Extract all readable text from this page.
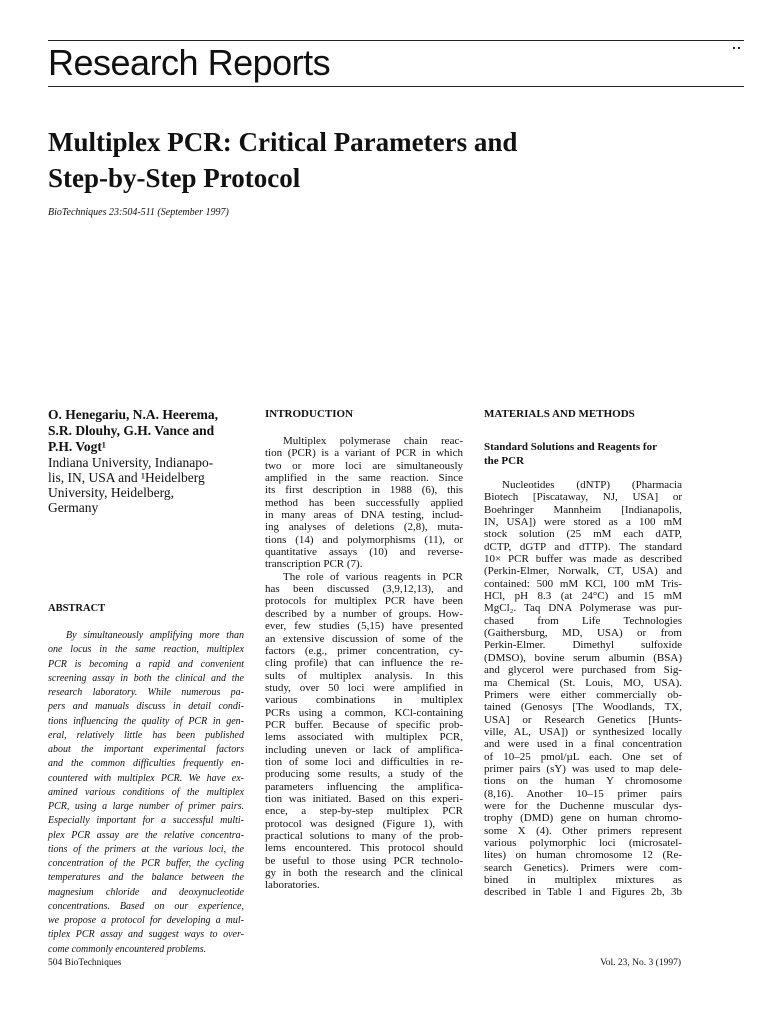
Research Reports
Multiplex PCR: Critical Parameters and
Step-by-Step Protocol
BioTechniques 23:504-511 (September 1997)

O. Henegariu, N.A. Heerema,
S.R. Dlouhy, G.H. Vance and
P.H. Vogt¹

Indiana University, Indianapo-
lis, IN, USA and ¹Heidelberg
University, Heidelberg,
Germany

ABSTRACT

By simultaneously amplifying more than
one locus in the same reaction, multiplex
PCR is becoming a rapid and convenient
screening assay in both the clinical and the
research laboratory. While numerous pa-
pers and manuals discuss in detail condi-
tions influencing the quality of PCR in gen-
eral, relatively little has been published
about the important experimental factors
and the common difficulties frequently en-
countered with multiplex PCR. We have ex-
amined various conditions of the multiplex
PCR, using a large number of primer pairs.
Especially important for a successful multi-
plex PCR assay are the relative concentra-
tions of the primers at the various loci, the
concentration of the PCR buffer, the cycling
temperatures and the balance between the
magnesium chloride and deoxynucleotide
concentrations. Based on our experience,
we propose a protocol for developing a mul-
tiplex PCR assay and suggest ways to over-
come commonly encountered problems.

INTRODUCTION

Multiplex polymerase chain reac-
tion (PCR) is a variant of PCR in which
two or more loci are simultaneously
amplified in the same reaction. Since
its first description in 1988 (6), this
method has been successfully applied
in many areas of DNA testing, includ-
ing analyses of deletions (2,8), muta-
tions (14) and polymorphisms (11), or
quantitative assays (10) and reverse-
transcription PCR (7).
The role of various reagents in PCR
has been discussed (3,9,12,13), and
protocols for multiplex PCR have been
described by a number of groups. How-
ever, few studies (5,15) have presented
an extensive discussion of some of the
factors (e.g., primer concentration, cy-
cling profile) that can influence the re-
sults of multiplex analysis. In this
study, over 50 loci were amplified in
various combinations in multiplex
PCRs using a common, KCl-containing
PCR buffer. Because of specific prob-
lems associated with multiplex PCR,
including uneven or lack of amplifica-
tion of some loci and difficulties in re-
producing some results, a study of the
parameters influencing the amplifica-
tion was initiated. Based on this experi-
ence, a step-by-step multiplex PCR
protocol was designed (Figure 1), with
practical solutions to many of the prob-
lems encountered. This protocol should
be useful to those using PCR technolo-
gy in both the research and the clinical
laboratories.

MATERIALS AND METHODS
Standard Solutions and Reagents for
the PCR

Nucleotides (dNTP) (Pharmacia
Biotech [Piscataway, NJ, USA] or
Boehringer Mannheim [Indianapolis,
IN, USA]) were stored as a 100 mM
stock solution (25 mM each dATP,
dCTP, dGTP and dTTP). The standard
10× PCR buffer was made as described
(Perkin-Elmer, Norwalk, CT, USA) and
contained: 500 mM KCl, 100 mM Tris-
HCl, pH 8.3 (at 24°C) and 15 mM
MgCl₂. Taq DNA Polymerase was pur-
chased from Life Technologies
(Gaithersburg, MD, USA) or from
Perkin-Elmer. Dimethyl sulfoxide
(DMSO), bovine serum albumin (BSA)
and glycerol were purchased from Sig-
ma Chemical (St. Louis, MO, USA).
Primers were either commercially ob-
tained (Genosys [The Woodlands, TX,
USA] or Research Genetics [Hunts-
ville, AL, USA]) or synthesized locally
and were used in a final concentration
of 10–25 pmol/µL each. One set of
primer pairs (sY) was used to map dele-
tions on the human Y chromosome
(8,16). Another 10–15 primer pairs
were for the Duchenne muscular dys-
trophy (DMD) gene on human chromo-
some X (4). Other primers represent
various polymorphic loci (microsatel-
lites) on human chromosome 12 (Re-
search Genetics). Primers were com-
bined in multiplex mixtures as
described in Table 1 and Figures 2b, 3b

504 BioTechniques	Vol. 23, No. 3 (1997)
